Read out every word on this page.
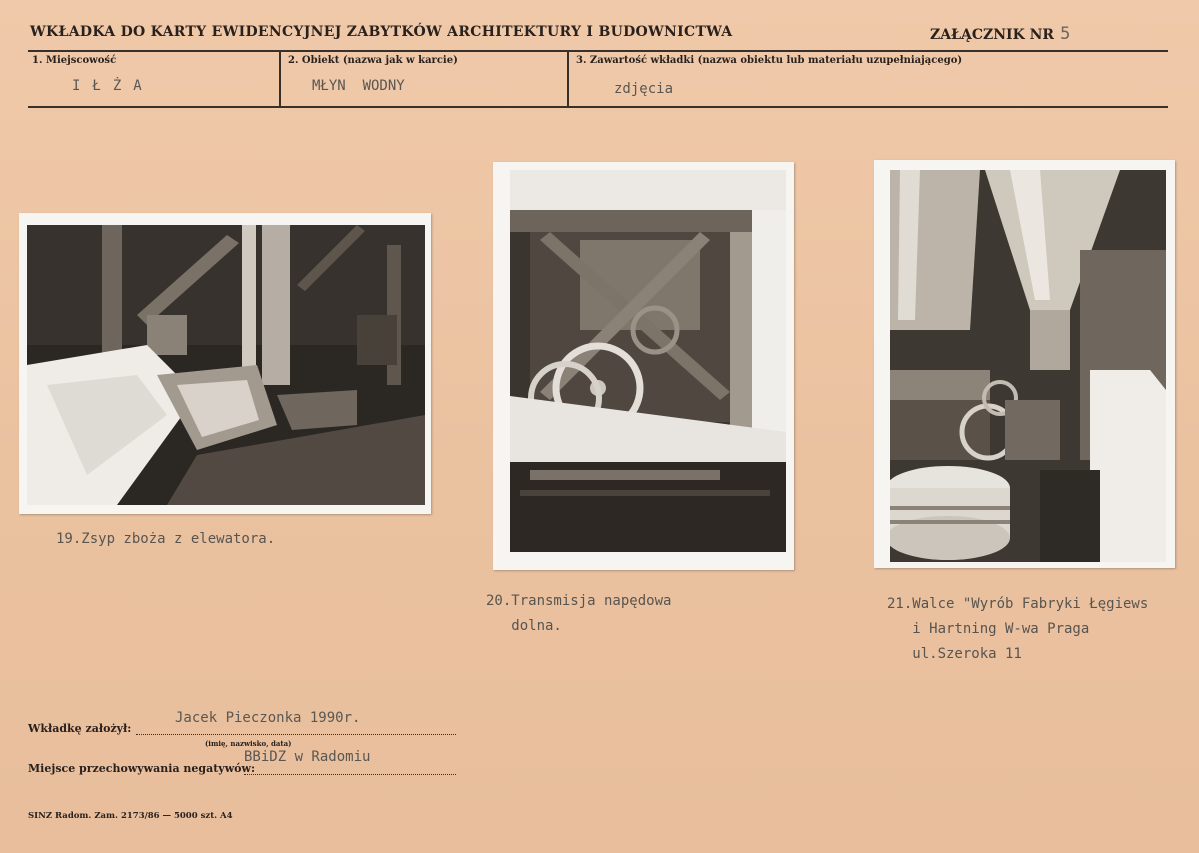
WKŁADKA DO KARTY EWIDENCYJNEJ ZABYTKÓW ARCHITEKTURY I BUDOWNICTWA	ZAŁĄCZNIK NR 5
1. Miejscowość
IŁŻA
2. Obiekt (nazwa jak w karcie)
MŁYN  WODNY
3. Zawartość wkładki (nazwa obiektu lub materiału uzupełniającego)
zdjęcia
19.Zsyp zboża z elewatora.
20.Transmisja napędowa
dolna.
21.Walce "Wyrób Fabryki Łęgiews
i Hartning W-wa Praga
ul.Szeroka 11
Wkładkę założył:
Jacek Pieczonka 1990r.
(imię, nazwisko, data)
Miejsce przechowywania negatywów:
BBiDZ w Radomiu
SINZ Radom. Zam. 2173/86 — 5000 szt. A4
